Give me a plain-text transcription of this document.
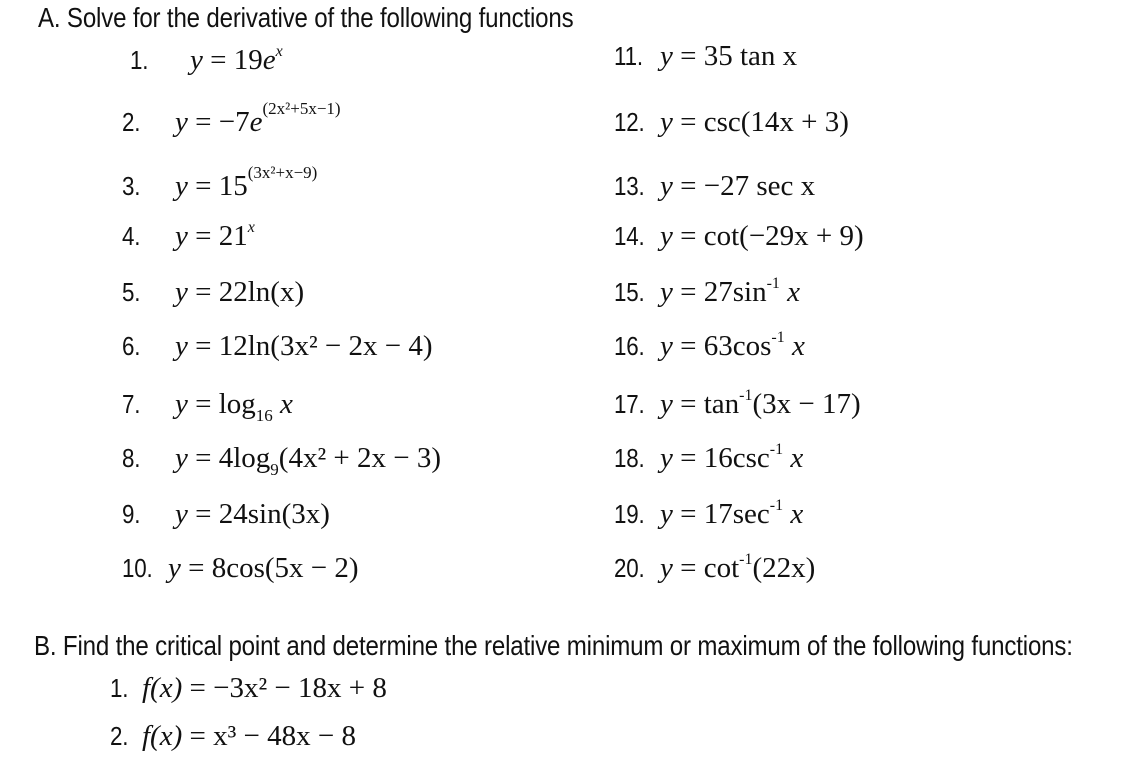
A. Solve for the derivative of the following functions
1. $y = 19e^x$
2. $y = -7e^{(2x^2+5x-1)}$
3. $y = 15^{(3x^2+x-9)}$
4. $y = 21^x$
5. y = 22ln(x)
6. y = 12ln(3x² − 2x − 4)
7. $y = \log_{16} x$
8. $y = 4\log_9(4x^2 + 2x - 3)$
9. y = 24sin(3x)
10. y = 8cos(5x − 2)
11. y = 35 tan x
12. y = csc(14x + 3)
13. y = −27 sec x
14. y = cot(−29x + 9)
15. $y = 27\sin^{-1}$ x
16. $y = 63\cos^{-1}$ x
17. $y = \tan^{-1}(3x - 17)$
18. $y = 16\csc^{-1}$ x
19. $y = 17\sec^{-1}$ x
20. $y = \cot^{-1}(22x)$
B. Find the critical point and determine the relative minimum or maximum of the following functions:
1. f(x) = −3x² − 18x + 8
2. f(x) = x³ − 48x − 8
